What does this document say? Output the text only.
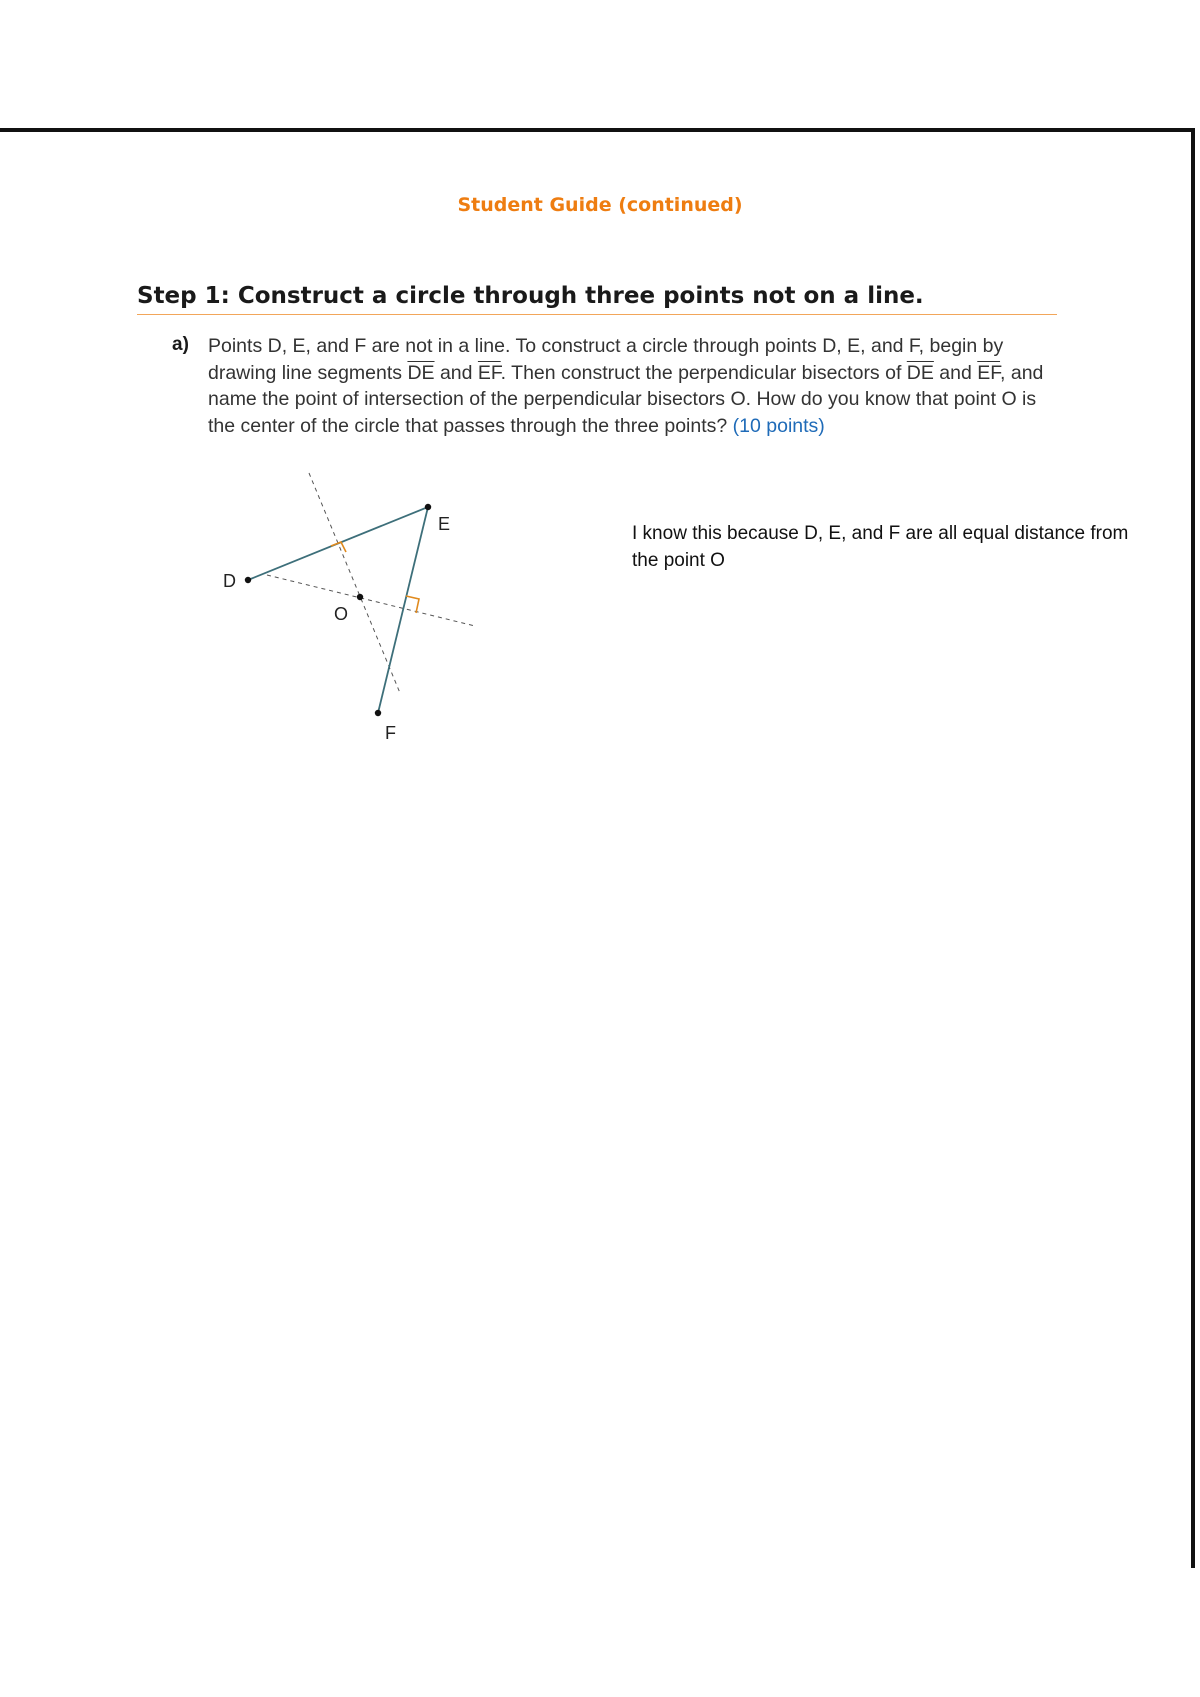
Student Guide (continued)
Step 1: Construct a circle through three points not on a line.
a) Points D, E, and F are not in a line. To construct a circle through points D, E, and F, begin by drawing line segments $\overline{DE}$ and $\overline{EF}$. Then construct the perpendicular bisectors of $\overline{DE}$ and $\overline{EF}$, and name the point of intersection of the perpendicular bisectors O. How do you know that point O is the center of the circle that passes through the three points? (10 points)
D
E
F
O
I know this because D, E, and F are all equal distance from the point O
